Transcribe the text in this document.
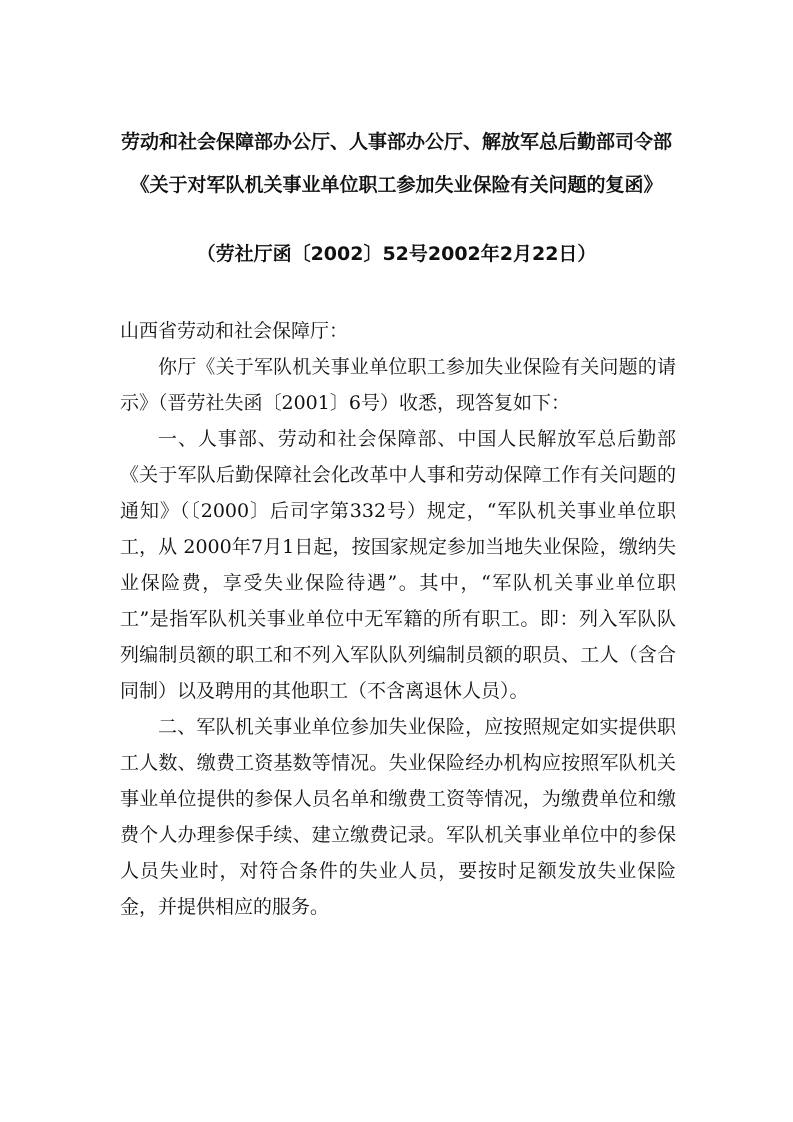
劳动和社会保障部办公厅、人事部办公厅、解放军总后勤部司令部
《关于对军队机关事业单位职工参加失业保险有关问题的复函》
（劳社厅函〔2002〕52号2002年2月22日）

山西省劳动和社会保障厅：

你厅《关于军队机关事业单位职工参加失业保险有关问题的请示》（晋劳社失函〔2001〕6号）收悉，现答复如下：

一、人事部、劳动和社会保障部、中国人民解放军总后勤部《关于军队后勤保障社会化改革中人事和劳动保障工作有关问题的通知》（〔2000〕后司字第332号）规定，“军队机关事业单位职工，从 2000年7月1日起，按国家规定参加当地失业保险，缴纳失业保险费，享受失业保险待遇”。其中，“军队机关事业单位职工”是指军队机关事业单位中无军籍的所有职工。即：列入军队队列编制员额的职工和不列入军队队列编制员额的职员、工人（含合同制）以及聘用的其他职工（不含离退休人员）。

二、军队机关事业单位参加失业保险，应按照规定如实提供职工人数、缴费工资基数等情况。失业保险经办机构应按照军队机关事业单位提供的参保人员名单和缴费工资等情况，为缴费单位和缴费个人办理参保手续、建立缴费记录。军队机关事业单位中的参保人员失业时，对符合条件的失业人员，要按时足额发放失业保险金，并提供相应的服务。
